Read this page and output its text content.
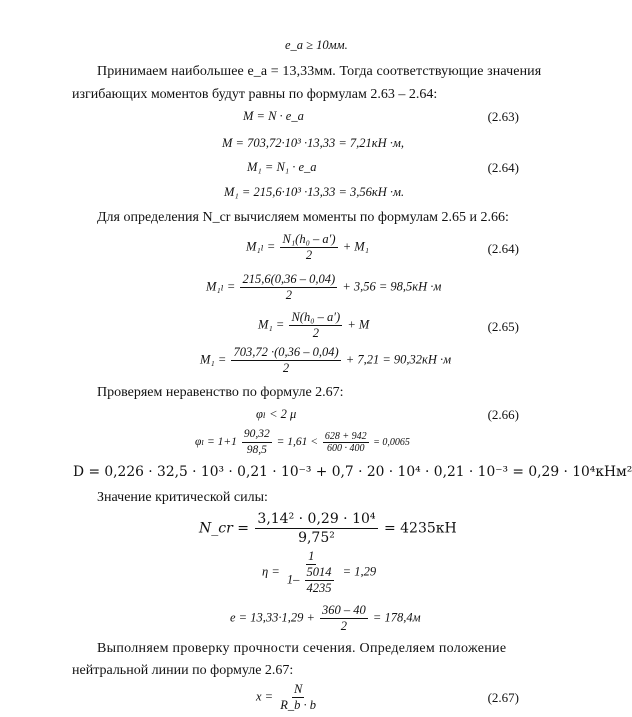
e_a ≥ 10мм.
Принимаем наибольшее e_a = 13,33мм. Тогда соответствующие значения
изгибающих моментов будут равны по формулам 2.63 – 2.64:
M = N · e_a	(2.63)
M = 703,72·10³ ·13,33 = 7,21кН ·м,
M₁ = N₁ · e_a	(2.64)
M₁ = 215,6·10³ ·13,33 = 3,56кН ·м.
Для определения N_cr вычисляем моменты по формулам 2.65 и 2.66:
$M_{1l} = \frac{\text{N₁(h₀ – a′)}}{2} + M_1$	(2.64)
$M_{1l} = \frac{215,6(0,36 - 0,04)}{2} + 3,56 = 98,5кН \cdot м$
$M_1 = \frac{\text{N(h₀ – a′)}}{2} + M$	(2.65)
$M_1 = \frac{703,72 \cdot(0,36 - 0,04)}{2} + 7,21 = 90,32кН \cdot м$
Проверяем неравенство по формуле 2.67:
φₗ < 2 μ	(2.66)
$\varphi_l = 1+1 \frac{90,32}{98,5} = 1,61 < \frac{628 + 942}{600 \cdot 400} = 0,0065$
D = 0,226 · 32,5 · 10³ · 0,21 · 10⁻³ + 0,7 · 20 · 10⁴ · 0,21 · 10⁻³ = 0,29 · 10⁴кНм²
Значение критической силы:
N_cr = $\frac{\text{3,14² · 0,29 · 10⁴}}{\text{9,75²}} = 4235кН$
$\eta = \frac{1}{1- \frac{5014}{4235}} = 1,29$
$e = 13,33\cdot 1,29 + \frac{360 - 40}{2} = 178,4м$
Выполняем проверку прочности сечения. Определяем положение
нейтральной линии по формуле 2.67:
$x = \frac{N}{R\_b \cdot b}$	(2.67)
